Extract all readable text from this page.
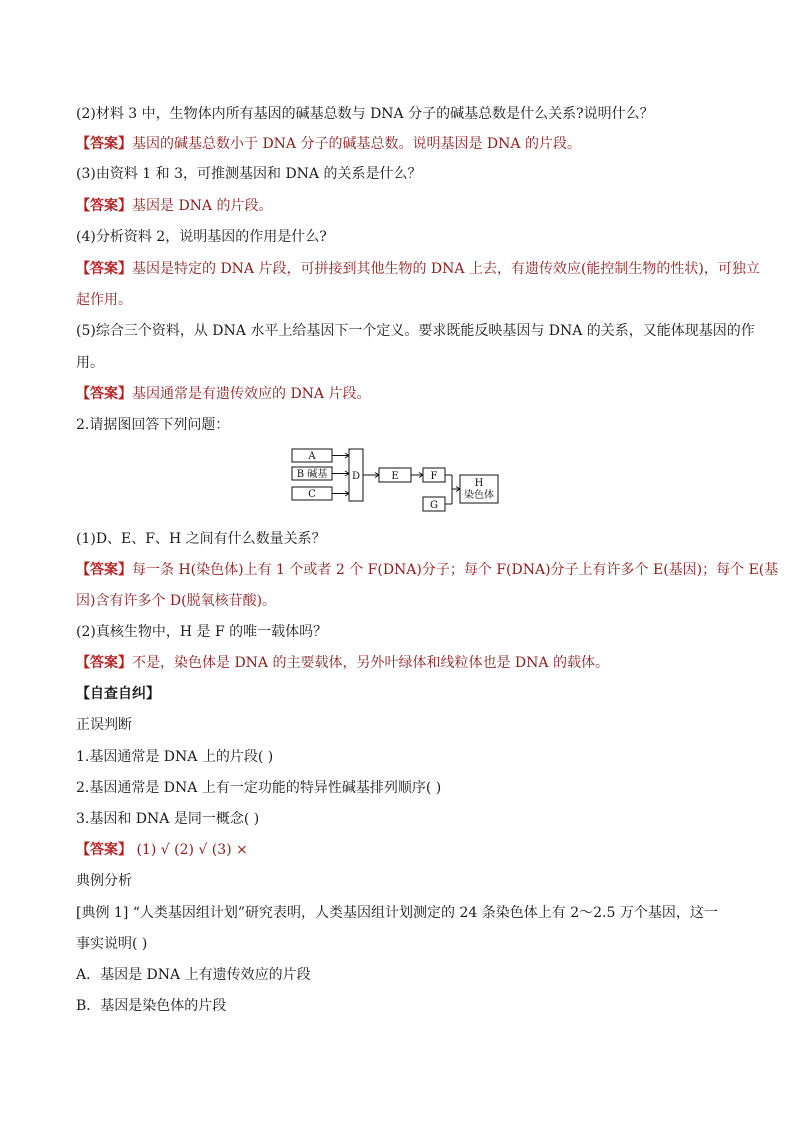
(2)材料 3 中，生物体内所有基因的碱基总数与 DNA 分子的碱基总数是什么关系?说明什么？
【答案】基因的碱基总数小于 DNA 分子的碱基总数。说明基因是 DNA 的片段。
(3)由资料 1 和 3，可推测基因和 DNA 的关系是什么？
【答案】基因是 DNA 的片段。
(4)分析资料 2，说明基因的作用是什么?
【答案】基因是特定的 DNA 片段，可拼接到其他生物的 DNA 上去，有遗传效应(能控制生物的性状)，可独立
起作用。
(5)综合三个资料，从 DNA 水平上给基因下一个定义。要求既能反映基因与 DNA 的关系，又能体现基因的作
用。
【答案】基因通常是有遗传效应的 DNA 片段。
2.请据图回答下列问题：
A
B 碱基
C
D	E	F
G
H
染色体
(1)D、E、F、H 之间有什么数量关系？
【答案】每一条 H(染色体)上有 1 个或者 2 个 F(DNA)分子；每个 F(DNA)分子上有许多个 E(基因)；每个 E(基
因)含有许多个 D(脱氧核苷酸)。
(2)真核生物中，H 是 F 的唯一载体吗？
【答案】不是，染色体是 DNA 的主要载体，另外叶绿体和线粒体也是 DNA 的载体。
【自查自纠】
正误判断
1.基因通常是 DNA 上的片段( )
2.基因通常是 DNA 上有一定功能的特异性碱基排列顺序( )
3.基因和 DNA 是同一概念( )
【答案】 (1) √ (2) √ (3) ×
典例分析
[典例 1] “人类基因组计划”研究表明，人类基因组计划测定的 24 条染色体上有 2～2.5 万个基因，这一
事实说明( )
A．基因是 DNA 上有遗传效应的片段
B．基因是染色体的片段
